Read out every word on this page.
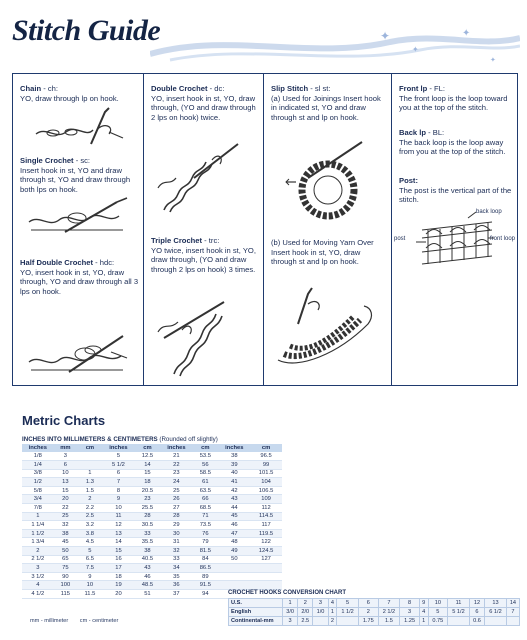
Stitch Guide	✦
✦
✦
✦
Chain - ch:
YO, draw through lp on hook.
Single Crochet - sc:
Insert hook in st, YO and draw through st, YO and draw through both lps on hook.
Half Double Crochet - hdc:
YO, insert hook in st, YO, draw through, YO and draw through all 3 lps on hook.
Double Crochet - dc:
YO, insert hook in st, YO, draw through, (YO and draw through 2 lps on hook) twice.
Triple Crochet - trc:
YO twice, insert hook in st, YO, draw through, (YO and draw through 2 lps on hook) 3 times.
Slip Stitch - sl st:
(a) Used for Joinings Insert hook in indicated st, YO and draw through st and lp on hook.
(b) Used for Moving Yarn Over Insert hook in st, YO, draw through st and lp on hook.
Front lp - FL:
The front loop is the loop toward you at the top of the stitch.
Back lp - BL:
The back loop is the loop away from you at the top of the stitch.
Post:
The post is the vertical part of the stitch.
back loop
post	front loop
Metric Charts
INCHES INTO MILLIMETERS & CENTIMETERS (Rounded off slightly)
inches	mm	cm	inches	cm	inches	cm	inches	cm
1/8	3		5	12.5	21	53.5	38	96.5
1/4	6		5 1/2	14	22	56	39	99
3/8	10	1	6	15	23	58.5	40	101.5
1/2	13	1.3	7	18	24	61	41	104
5/8	15	1.5	8	20.5	25	63.5	42	106.5
3/4	20	2	9	23	26	66	43	109
7/8	22	2.2	10	25.5	27	68.5	44	112
1	25	2.5	11	28	28	71	45	114.5
1 1/4	32	3.2	12	30.5	29	73.5	46	117
1 1/2	38	3.8	13	33	30	76	47	119.5
1 3/4	45	4.5	14	35.5	31	79	48	122
2	50	5	15	38	32	81.5	49	124.5
2 1/2	65	6.5	16	40.5	33	84	50	127
3	75	7.5	17	43	34	86.5		
3 1/2	90	9	18	46	35	89		
4	100	10	19	48.5	36	91.5		
4 1/2	115	11.5	20	51	37	94		
mm - millimeter cm - centimeter
CROCHET HOOKS CONVERSION CHART
U.S.	1	2	3	4	5	6	7	8	9	10	11	12	13	14
English	3/0	2/0	1/0	1	1 1/2	2	2 1/2	3	4	5	5 1/2	6	6 1/2	7
Continental-mm	3	2.5		2		1.75	1.5	1.25	1	0.75		0.6		
